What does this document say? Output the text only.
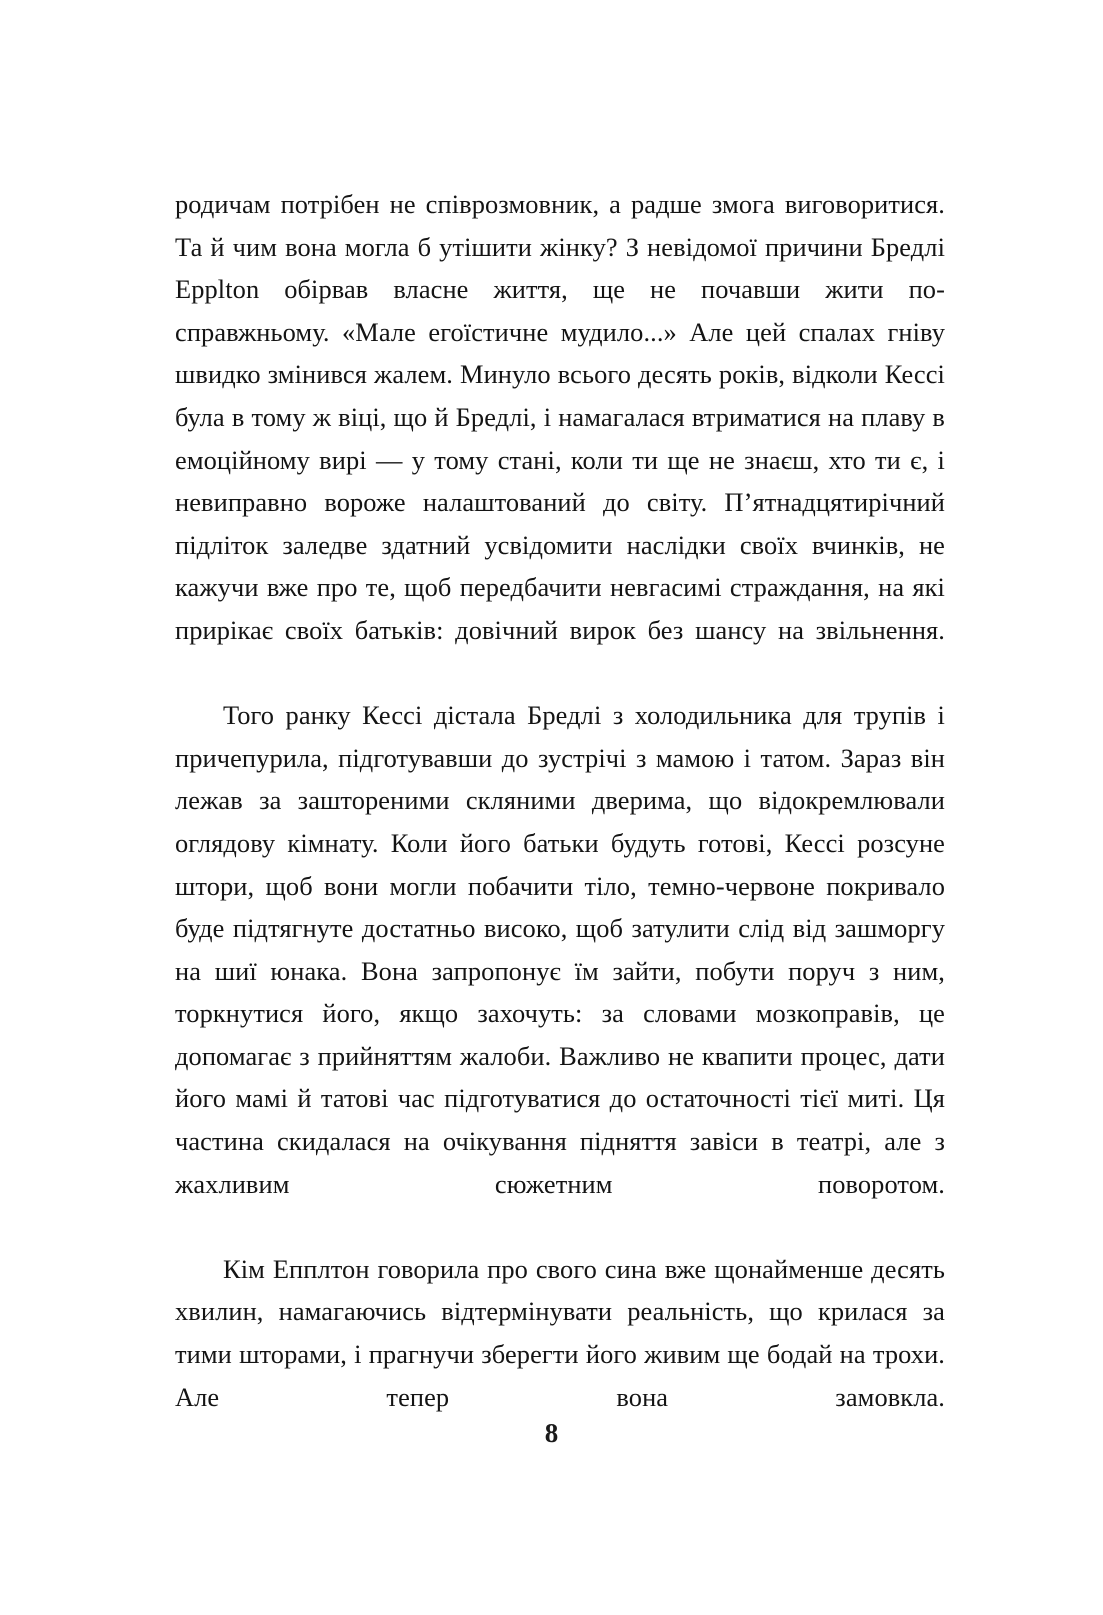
родичам потрібен не співрозмовник, а радше змога виговоритися. Та й чим вона могла б утішити жінку? З невідомої причини Бредлі Еpplton обірвав власне життя, ще не почавши жити по-справжньому. «Мале егоїстичне мудило...» Але цей спалах гніву швидко змінився жалем. Минуло всього десять років, відколи Кессі була в тому ж віці, що й Бредлі, і намагалася втриматися на плаву в емоційному вирі — у тому стані, коли ти ще не знаєш, хто ти є, і невиправно вороже налаштований до світу. П’ятнадцятирічний підліток заледве здатний усвідомити наслідки своїх вчинків, не кажучи вже про те, щоб передбачити невгасимі страждання, на які прирікає своїх батьків: довічний вирок без шансу на звільнення.

Того ранку Кессі дістала Бредлі з холодильника для трупів і причепурила, підготувавши до зустрічі з мамою і татом. Зараз він лежав за заштореними скляними дверима, що відокремлювали оглядову кімнату. Коли його батьки будуть готові, Кессі розсуне штори, щоб вони могли побачити тіло, темно-червоне покривало буде підтягнуте достатньо високо, щоб затулити слід від зашморгу на шиї юнака. Вона запропонує їм зайти, побути поруч з ним, торкнутися його, якщо захочуть: за словами мозкоправів, це допомагає з прийняттям жалоби. Важливо не квапити процес, дати його мамі й татові час підготуватися до остаточності тієї миті. Ця частина скидалася на очікування підняття завіси в театрі, але з жахливим сюжетним поворотом.

Кім Епплтон говорила про свого сина вже щонайменше десять хвилин, намагаючись відтермінувати реальність, що крилася за тими шторами, і прагнучи зберегти його живим ще бодай на трохи. Але тепер вона замовкла.

8
